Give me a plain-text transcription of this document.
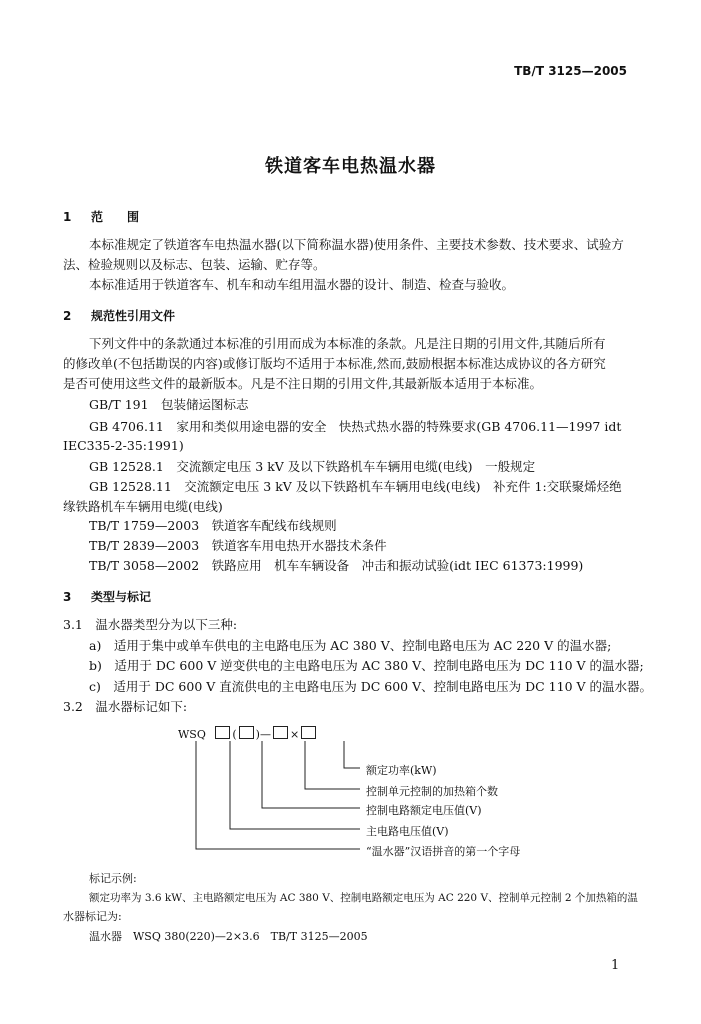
TB/T 3125—2005
铁道客车电热温水器
1 范　　围
本标准规定了铁道客车电热温水器(以下简称温水器)使用条件、主要技术参数、技术要求、试验方
法、检验规则以及标志、包装、运输、贮存等。
本标准适用于铁道客车、机车和动车组用温水器的设计、制造、检查与验收。
2 规范性引用文件
下列文件中的条款通过本标准的引用而成为本标准的条款。凡是注日期的引用文件,其随后所有
的修改单(不包括勘误的内容)或修订版均不适用于本标准,然而,鼓励根据本标准达成协议的各方研究
是否可使用这些文件的最新版本。凡是不注日期的引用文件,其最新版本适用于本标准。
GB/T 191　包装储运图标志
GB 4706.11　家用和类似用途电器的安全　快热式热水器的特殊要求(GB 4706.11—1997 idt
IEC335-2-35:1991)
GB 12528.1　交流额定电压 3 kV 及以下铁路机车车辆用电缆(电线)　一般规定
GB 12528.11　交流额定电压 3 kV 及以下铁路机车车辆用电线(电线)　补充件 1:交联聚烯烃绝
缘铁路机车车辆用电缆(电线)
TB/T 1759—2003　铁道客车配线布线规则
TB/T 2839—2003　铁道客车用电热开水器技术条件
TB/T 3058—2002　铁路应用　机车车辆设备　冲击和振动试验(idt IEC 61373:1999)
3 类型与标记
3.1　温水器类型分为以下三种:
a)　适用于集中或单车供电的主电路电压为 AC 380 V、控制电路电压为 AC 220 V 的温水器;
b)　适用于 DC 600 V 逆变供电的主电路电压为 AC 380 V、控制电路电压为 DC 110 V 的温水器;
c)　适用于 DC 600 V 直流供电的主电路电压为 DC 600 V、控制电路电压为 DC 110 V 的温水器。
3.2　温水器标记如下:
WSQ ( )— ×
额定功率(kW)
控制单元控制的加热箱个数
控制电路额定电压值(V)
主电路电压值(V)
“温水器”汉语拼音的第一个字母
标记示例:
额定功率为 3.6 kW、主电路额定电压为 AC 380 V、控制电路额定电压为 AC 220 V、控制单元控制 2 个加热箱的温
水器标记为:
温水器　WSQ 380(220)—2×3.6　TB/T 3125—2005
1
